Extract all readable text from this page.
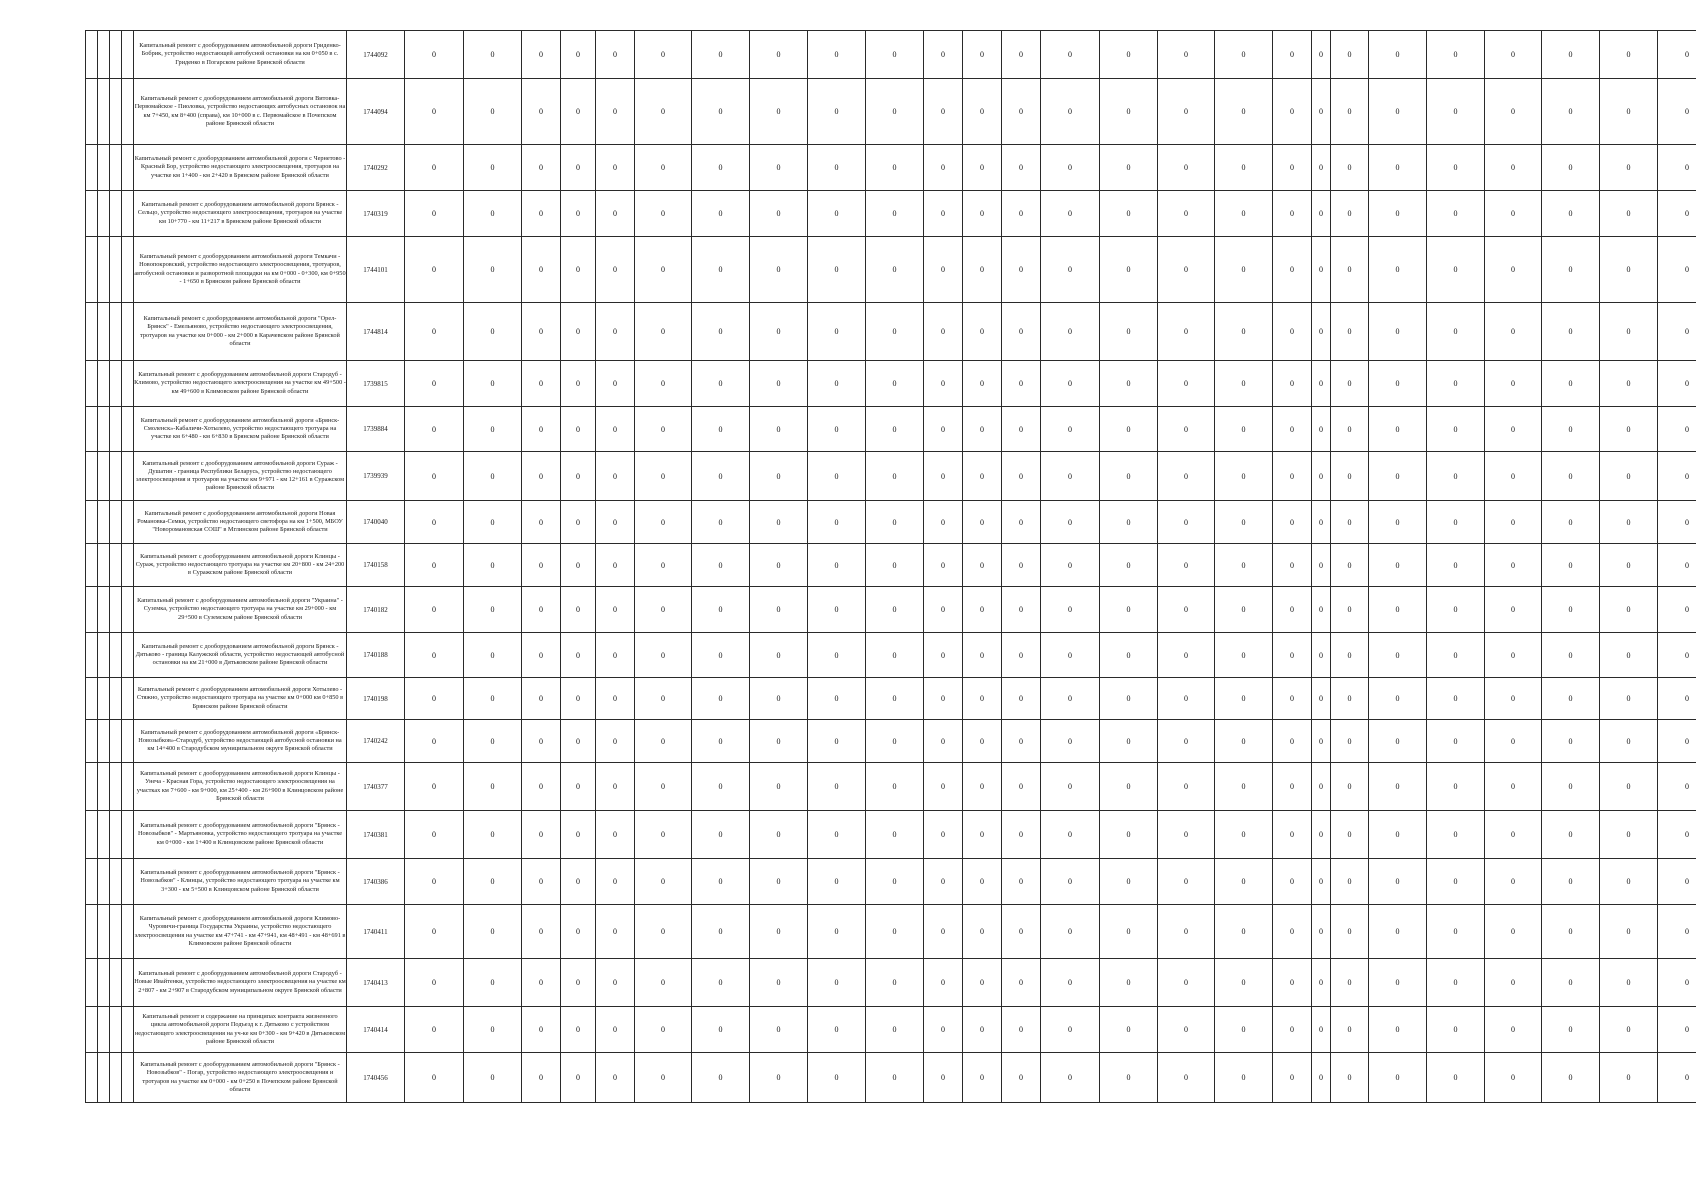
				Капитальный ремонт с дооборудованием автомобильной дороги Гриденко-Бобрик, устройство недостающей автобусной остановки на км 0+050 в с. Гриденко в Погарском районе Брянской области	1744092	0	0	0	0	0	0	0	0	0	0	0	0	0	0	0	0	0	0	0	0	0	0	0	0	0	0				
				Капитальный ремонт с дооборудованием автомобильной дороги Витовка-Первомайское - Пиоловка, устройство недостающих автобусных остановок на км 7+450, км 8+400 (справа), км 10+000 в с. Первомайское в Почепском районе Брянской области	1744094	0	0	0	0	0	0	0	0	0	0	0	0	0	0	0	0	0	0	0	0	0	0	0	0	0	0				
				Капитальный ремонт с дооборудованием автомобильной дороги с Чернетово - Красный Бор, устройство недостающего электроосвещения, тротуаров на участке км 1+400 - км 2+420 в Брянском районе Брянской области	1740292	0	0	0	0	0	0	0	0	0	0	0	0	0	0	0	0	0	0	0	0	0	0	0	0	0	0				
				Капитальный ремонт с дооборудованием автомобильной дороги Брянск - Сельцо, устройство недостающего электроосвещения, тротуаров на участке км 10+770 - км 11+217 в Брянском районе Брянской области	1740319	0	0	0	0	0	0	0	0	0	0	0	0	0	0	0	0	0	0	0	0	0	0	0	0	0	0				
				Капитальный ремонт с дооборудованием автомобильной дороги Темкачи - Новопокровский, устройство недостающего электроосвещения, тротуаров, автобусной остановки и разворотной площадки на км 0+000 - 0+300, км 0+950 - 1+650 в Брянском районе Брянской области	1744101	0	0	0	0	0	0	0	0	0	0	0	0	0	0	0	0	0	0	0	0	0	0	0	0	0	0				
				Капитальный ремонт с дооборудованием автомобильной дороги "Орел-Брянск" - Емельяново, устройство недостающего электроосвещения, тротуаров на участке км 0+000 - км 2+000 в Карачевском районе Брянской области	1744814	0	0	0	0	0	0	0	0	0	0	0	0	0	0	0	0	0	0	0	0	0	0	0	0	0	0				
				Капитальный ремонт с дооборудованием автомобильной дороги Стародуб - Климово, устройство недостающего электроосвещения на участке км 49+500 - км 49+600 в Климовском районе Брянской области	1739815	0	0	0	0	0	0	0	0	0	0	0	0	0	0	0	0	0	0	0	0	0	0	0	0	0	0				
				Капитальный ремонт с дооборудованием автомобильной дороги «Брянск-Смоленск»-Кабаличи-Хотылево, устройство недостающего тротуара на участке км 6+480 - км 6+830 в Брянском районе Брянской области	1739884	0	0	0	0	0	0	0	0	0	0	0	0	0	0	0	0	0	0	0	0	0	0	0	0	0	0				
				Капитальный ремонт с дооборудованием автомобильной дороги Сураж - Душатин - граница Республики Беларусь, устройство недостающего электроосвещения и тротуаров на участке км 9+971 - км 12+161 в Суражском районе Брянской области	1739939	0	0	0	0	0	0	0	0	0	0	0	0	0	0	0	0	0	0	0	0	0	0	0	0	0	0				
				Капитальный ремонт с дооборудованием автомобильной дороги Новая Романовка-Семки, устройство недостающего светофора на км 1+500, МБОУ "Новоромановская СОШ" в Мглинском районе Брянской области	1740040	0	0	0	0	0	0	0	0	0	0	0	0	0	0	0	0	0	0	0	0	0	0	0	0	0	0				
				Капитальный ремонт с дооборудованием автомобильной дороги Клинцы - Сураж, устройство недостающего тротуара на участке км 20+800 - км 24+200 в Суражском районе Брянской области	1740158	0	0	0	0	0	0	0	0	0	0	0	0	0	0	0	0	0	0	0	0	0	0	0	0	0	0				
				Капитальный ремонт с дооборудованием автомобильной дороги "Украина" - Суземка, устройство недостающего тротуара на участке км 29+000 - км 29+500 в Суземском районе Брянской области	1740182	0	0	0	0	0	0	0	0	0	0	0	0	0	0	0	0	0	0	0	0	0	0	0	0	0	0				
				Капитальный ремонт с дооборудованием автомобильной дороги Брянск - Дятьково - граница Калужской области, устройство недостающей автобусной остановки на км 21+000 в Дятьковском районе Брянской области	1740188	0	0	0	0	0	0	0	0	0	0	0	0	0	0	0	0	0	0	0	0	0	0	0	0	0	0				
				Капитальный ремонт с дооборудованием автомобильной дороги Хотылево - Стяжно, устройство недостающего тротуара на участке км 0+000 км 0+850 в Брянском районе Брянской области	1740198	0	0	0	0	0	0	0	0	0	0	0	0	0	0	0	0	0	0	0	0	0	0	0	0	0	0				
				Капитальный ремонт с дооборудованием автомобильной дороги «Брянск-Новозыбков»-Стародуб, устройство недостающей автобусной остановки на км 14+400 в Стародубском муниципальном округе Брянской области	1740242	0	0	0	0	0	0	0	0	0	0	0	0	0	0	0	0	0	0	0	0	0	0	0	0	0	0				
				Капитальный ремонт с дооборудованием автомобильной дороги Клинцы - Унеча - Красная Гора, устройство недостающего электроосвещения на участках км 7+600 - км 9+000, км 25+400 - км 26+900 в Клинцовском районе Брянской области	1740377	0	0	0	0	0	0	0	0	0	0	0	0	0	0	0	0	0	0	0	0	0	0	0	0	0	0				
				Капитальный ремонт с дооборудованием автомобильной дороги "Брянск - Новозыбков" - Мартьяновка, устройство недостающего тротуара на участке км 0+000 - км 1+400 в Клинцовском районе Брянской области	1740381	0	0	0	0	0	0	0	0	0	0	0	0	0	0	0	0	0	0	0	0	0	0	0	0	0	0				
				Капитальный ремонт с дооборудованием автомобильной дороги "Брянск - Новозыбков" - Клинцы, устройство недостающего тротуара на участке км 3+300 - км 5+500 в Клинцовском районе Брянской области	1740386	0	0	0	0	0	0	0	0	0	0	0	0	0	0	0	0	0	0	0	0	0	0	0	0	0	0				
				Капитальный ремонт с дооборудованием автомобильной дороги Климово-Чуровичи-граница Государства Украины, устройство недостающего электроосвещения на участке км 47+741 - км 47+941, км 48+491 - км 48+691 в Климовском районе Брянской области	1740411	0	0	0	0	0	0	0	0	0	0	0	0	0	0	0	0	0	0	0	0	0	0	0	0	0	0				
				Капитальный ремонт с дооборудованием автомобильной дороги Стародуб - Новые Ивайтенки, устройство недостающего электроосвещения на участке км 2+807 - км 2+907 в Стародубском муниципальном округе Брянской области	1740413	0	0	0	0	0	0	0	0	0	0	0	0	0	0	0	0	0	0	0	0	0	0	0	0	0	0				
				Капитальный ремонт и содержание на принципах контракта жизненного цикла автомобильной дороги Подъезд к г. Дятьково с устройством недостающего электроосвещения на уч-ке км 0+300 - км 9+420 в Дятьковском районе Брянской области	1740414	0	0	0	0	0	0	0	0	0	0	0	0	0	0	0	0	0	0	0	0	0	0	0	0	0	0				
				Капитальный ремонт с дооборудованием автомобильной дороги "Брянск - Новозыбков" - Погар, устройство недостающего электроосвещения и тротуаров на участке км 0+000 - км 0+250 в Почепском районе Брянской области	1740456	0	0	0	0	0	0	0	0	0	0	0	0	0	0	0	0	0	0	0	0	0	0	0	0	0	0				
